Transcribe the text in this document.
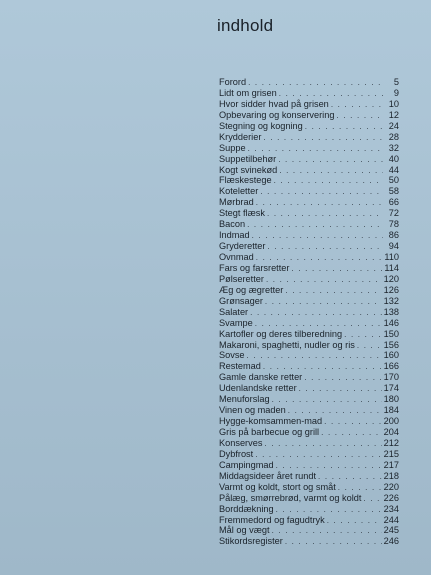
indhold
Forord . . .	5
Lidt om grisen . . .	9
Hvor sidder hvad på grisen . . .	10
Opbevaring og konservering . . .	12
Stegning og kogning . . .	24
Krydderier . . .	28
Suppe . . .	32
Suppetilbehør . . .	40
Kogt svinekød . . .	44
Flæskestege . . .	50
Koteletter . . .	58
Mørbrad . . .	66
Stegt flæsk . . .	72
Bacon . . .	78
Indmad . . .	86
Gryderetter . . .	94
Ovnmad . . .	110
Fars og farsretter . . .	114
Pølseretter . . .	120
Æg og ægretter . . .	126
Grønsager . . .	132
Salater . . .	138
Svampe . . .	146
Kartofler og deres tilberedning . . .	150
Makaroni, spaghetti, nudler og ris . . .	156
Sovse . . .	160
Restemad . . .	166
Gamle danske retter . . .	170
Udenlandske retter . . .	174
Menuforslag . . .	180
Vinen og maden . . .	184
Hygge-komsammen-mad . . .	200
Gris på barbecue og grill . . .	204
Konserves . . .	212
Dybfrost . . .	215
Campingmad . . .	217
Middagsideer året rundt . . .	218
Varmt og koldt, stort og småt . . .	220
Pålæg, smørrebrød, varmt og koldt . . . 226
Borddækning . . .	234
Fremmedord og fagudtryk . . .	244
Mål og vægt . . .	245
Stikordsregister . . .	246
